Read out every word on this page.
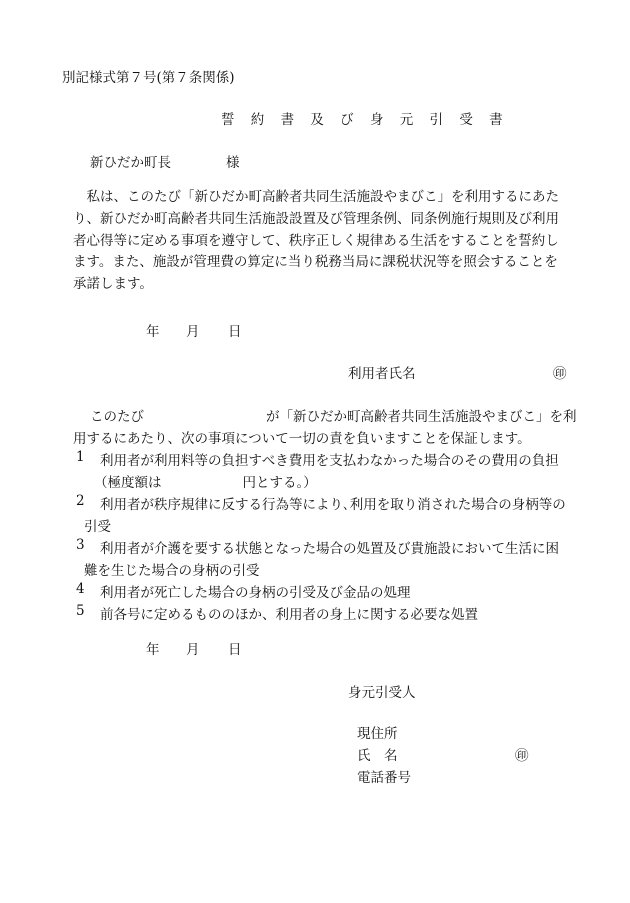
別記様式第７号(第７条関係)
誓 約 書 及 び 身 元 引 受 書
新ひだか町長	様
　私は、このたび「新ひだか町高齢者共同生活施設やまびこ」を利用するにあた
り、新ひだか町高齢者共同生活施設設置及び管理条例、同条例施行規則及び利用
者心得等に定める事項を遵守して、秩序正しく規律ある生活をすることを誓約し
ます。また、施設が管理費の算定に当り税務当局に課税状況等を照会することを
承諾します。
年 月 日
利用者氏名	㊞
このたび	が「新ひだか町高齢者共同生活施設やまびこ」を利
用するにあたり、次の事項について一切の責を負いますことを保証します。
1 利用者が利用料等の負担すべき費用を支払わなかった場合のその費用の負担
（極度額は　　　　　　円とする。）
2 利用者が秩序規律に反する行為等により､利用を取り消された場合の身柄等の
引受
3 利用者が介護を要する状態となった場合の処置及び貴施設において生活に困
難を生じた場合の身柄の引受
4 利用者が死亡した場合の身柄の引受及び金品の処理
5 前各号に定めるもののほか、利用者の身上に関する必要な処置
年 月 日
身元引受人
現住所
氏　名	㊞
電話番号
